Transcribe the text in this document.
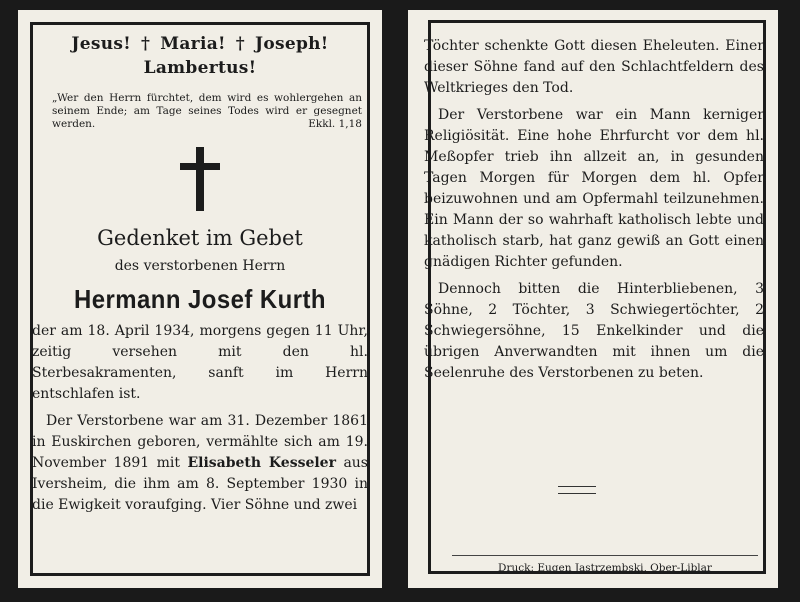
Jesus! † Maria! † Joseph!
Lambertus!
„Wer den Herrn fürchtet, dem wird es wohlergehen an seinem Ende; am Tage seines Todes wird er gesegnet werden.	Ekkl. 1,18
Gedenket im Gebet
des verstorbenen Herrn
Hermann Josef Kurth
der am 18. April 1934, morgens gegen 11 Uhr, zeitig versehen mit den hl. Sterbesakramenten, sanft im Herrn entschlafen ist.
Der Verstorbene war am 31. Dezember 1861 in Euskirchen geboren, vermählte sich am 19. November 1891 mit Elisabeth Kesseler aus Iversheim, die ihm am 8. September 1930 in die Ewigkeit voraufging. Vier Söhne und zwei
Töchter schenkte Gott diesen Eheleuten. Einer dieser Söhne fand auf den Schlachtfeldern des Weltkrieges den Tod.
Der Verstorbene war ein Mann kerniger Religiösität. Eine hohe Ehrfurcht vor dem hl. Meßopfer trieb ihn allzeit an, in gesunden Tagen Morgen für Morgen dem hl. Opfer beizuwohnen und am Opfermahl teilzunehmen. Ein Mann der so wahrhaft katholisch lebte und katholisch starb, hat ganz gewiß an Gott einen gnädigen Richter gefunden.
Dennoch bitten die Hinterbliebenen, 3 Söhne, 2 Töchter, 3 Schwiegertöchter, 2 Schwiegersöhne, 15 Enkelkinder und die übrigen Anverwandten mit ihnen um die Seelenruhe des Verstorbenen zu beten.
Druck: Eugen Jastrzembski, Ober-Liblar
